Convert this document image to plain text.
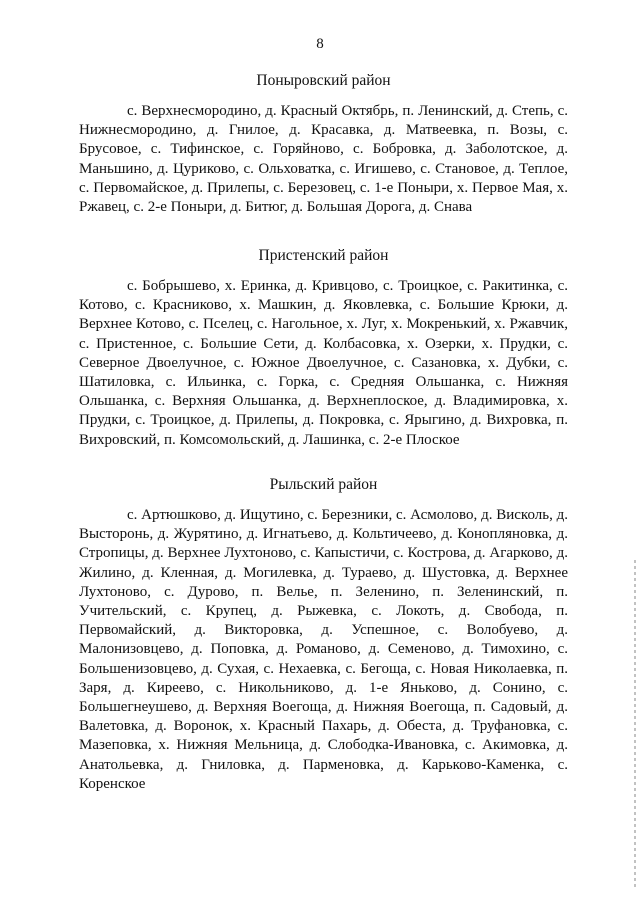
8
Поныровский район

с. Верхнесмородино, д. Красный Октябрь, п. Ленинский, д. Степь, с. Нижнесмородино, д. Гнилое, д. Красавка, д. Матвеевка, п. Возы, с. Брусовое, с. Тифинское, с. Горяйново, с. Бобровка, д. Заболотское, д. Маньшино, д. Цуриково, с. Ольховатка, с. Игишево, с. Становое, д. Теплое, с. Первомайское, д. Прилепы, с. Березовец, с. 1-е Поныри, х. Первое Мая, х. Ржавец, с. 2-е Поныри, д. Битюг, д. Большая Дорога, д. Снава

Пристенский район

с. Бобрышево, х. Еринка, д. Кривцово, с. Троицкое, с. Ракитинка, с. Котово, с. Красниково, х. Машкин, д. Яковлевка, с. Большие Крюки, д. Верхнее Котово, с. Пселец, с. Нагольное, х. Луг, х. Мокренький, х. Ржавчик, с. Пристенное, с. Большие Сети, д. Колбасовка, х. Озерки, х. Прудки, с. Северное Двоелучное, с. Южное Двоелучное, с. Сазановка, х. Дубки, с. Шатиловка, с. Ильинка, с. Горка, с. Средняя Ольшанка, с. Нижняя Ольшанка, с. Верхняя Ольшанка, д. Верхнеплоское, д. Владимировка, х. Прудки, с. Троицкое, д. Прилепы, д. Покровка, с. Ярыгино, д. Вихровка, п. Вихровский, п. Комсомольский, д. Лашинка, с. 2-е Плоское

Рыльский район

с. Артюшково, д. Ищутино, с. Березники, с. Асмолово, д. Висколь, д. Высторонь, д. Журятино, д. Игнатьево, д. Кольтичеево, д. Конопляновка, д. Стропицы, д. Верхнее Лухтоново, с. Капыстичи, с. Кострова, д. Агарково, д. Жилино, д. Кленная, д. Могилевка, д. Тураево, д. Шустовка, д. Верхнее Лухтоново, с. Дурово, п. Велье, п. Зеленино, п. Зеленинский, п. Учительский, с. Крупец, д. Рыжевка, с. Локоть, д. Свобода, п. Первомайский, д. Викторовка, д. Успешное, с. Волобуево, д. Малонизовцево, д. Поповка, д. Романово, д. Семеново, д. Тимохино, с. Большенизовцево, д. Сухая, с. Нехаевка, с. Бегоща, с. Новая Николаевка, п. Заря, д. Киреево, с. Никольниково, д. 1-е Яньково, д. Сонино, с. Большегнеушево, д. Верхняя Воегоща, д. Нижняя Воегоща, п. Садовый, д. Валетовка, д. Воронок, х. Красный Пахарь, д. Обеста, д. Труфановка, с. Мазеповка, х. Нижняя Мельница, д. Слободка-Ивановка, с. Акимовка, д. Анатольевка, д. Гниловка, д. Парменовка, д. Карьково-Каменка, с. Коренское
